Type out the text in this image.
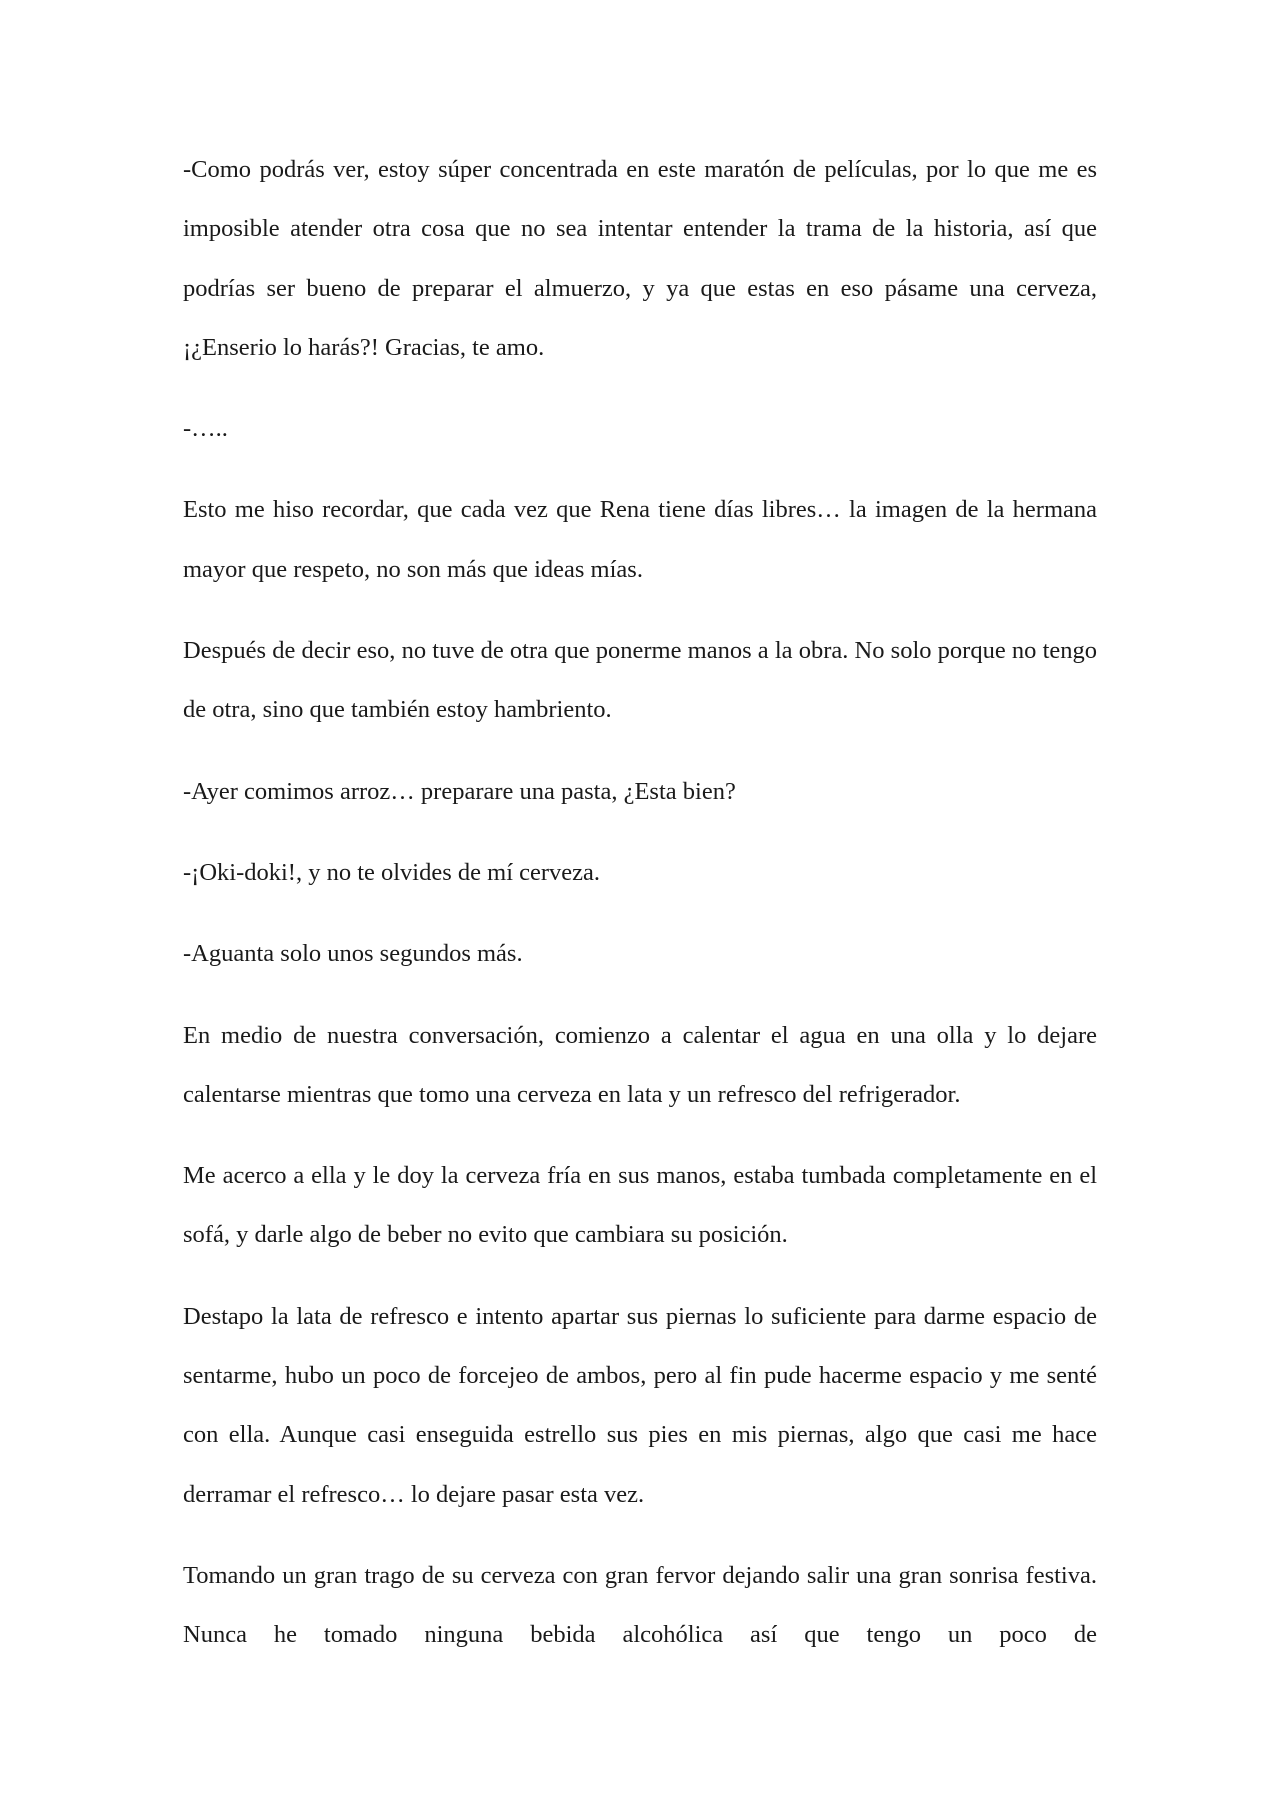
-Como podrás ver, estoy súper concentrada en este maratón de películas, por lo que me es imposible atender otra cosa que no sea intentar entender la trama de la historia, así que podrías ser bueno de preparar el almuerzo, y ya que estas en eso pásame una cerveza, ¡¿Enserio lo harás?! Gracias, te amo.

-…..

Esto me hiso recordar, que cada vez que Rena tiene días libres… la imagen de la hermana mayor que respeto, no son más que ideas mías.

Después de decir eso, no tuve de otra que ponerme manos a la obra. No solo porque no tengo de otra, sino que también estoy hambriento.

-Ayer comimos arroz… preparare una pasta, ¿Esta bien?

-¡Oki-doki!, y no te olvides de mí cerveza.

-Aguanta solo unos segundos más.

En medio de nuestra conversación, comienzo a calentar el agua en una olla y lo dejare calentarse mientras que tomo una cerveza en lata y un refresco del refrigerador.

Me acerco a ella y le doy la cerveza fría en sus manos, estaba tumbada completamente en el sofá, y darle algo de beber no evito que cambiara su posición.

Destapo la lata de refresco e intento apartar sus piernas lo suficiente para darme espacio de sentarme, hubo un poco de forcejeo de ambos, pero al fin pude hacerme espacio y me senté con ella. Aunque casi enseguida estrello sus pies en mis piernas, algo que casi me hace derramar el refresco… lo dejare pasar esta vez.

Tomando un gran trago de su cerveza con gran fervor dejando salir una gran sonrisa festiva. Nunca he tomado ninguna bebida alcohólica así que tengo un poco de
